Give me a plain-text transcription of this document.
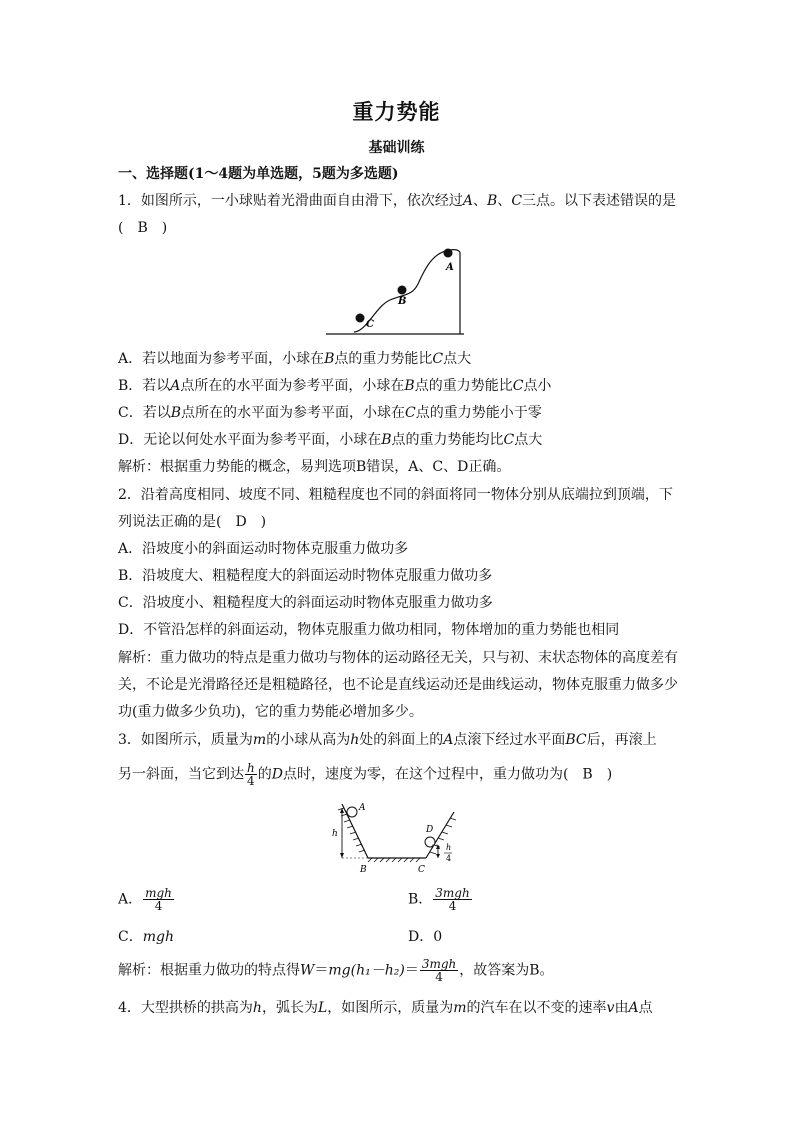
重力势能
基础训练
一、选择题(1～4题为单选题，5题为多选题)
1．如图所示，一小球贴着光滑曲面自由滑下，依次经过A、B、C三点。以下表述错误的是
(　B　)
A
B
C
A．若以地面为参考平面，小球在B点的重力势能比C点大
B．若以A点所在的水平面为参考平面，小球在B点的重力势能比C点小
C．若以B点所在的水平面为参考平面，小球在C点的重力势能小于零
D．无论以何处水平面为参考平面，小球在B点的重力势能均比C点大
解析：根据重力势能的概念，易判选项B错误，A、C、D正确。
2．沿着高度相同、坡度不同、粗糙程度也不同的斜面将同一物体分别从底端拉到顶端，下
列说法正确的是(　D　)
A．沿坡度小的斜面运动时物体克服重力做功多
B．沿坡度大、粗糙程度大的斜面运动时物体克服重力做功多
C．沿坡度小、粗糙程度大的斜面运动时物体克服重力做功多
D．不管沿怎样的斜面运动，物体克服重力做功相同，物体增加的重力势能也相同
解析：重力做功的特点是重力做功与物体的运动路径无关，只与初、末状态物体的高度差有
关，不论是光滑路径还是粗糙路径，也不论是直线运动还是曲线运动，物体克服重力做多少
功(重力做多少负功)，它的重力势能必增加多少。
3．如图所示，质量为m的小球从高为h处的斜面上的A点滚下经过水平面BC后，再滚上
另一斜面，当它到达 $\frac{h}{4}$ 的D点时，速度为零，在这个过程中，重力做功为(　B　)
A
h
B	C
D
h
4
A． $\frac{\text{mgh}}{4}$	B． $\frac{\text{3mgh}}{4}$
C．mgh	D．0
解析：根据重力做功的特点得$W=mg(h_1-h_2)= \frac{\text{3mgh}}{4}$ ，故答案为B。
4．大型拱桥的拱高为h，弧长为L，如图所示，质量为m的汽车在以不变的速率v由A点
